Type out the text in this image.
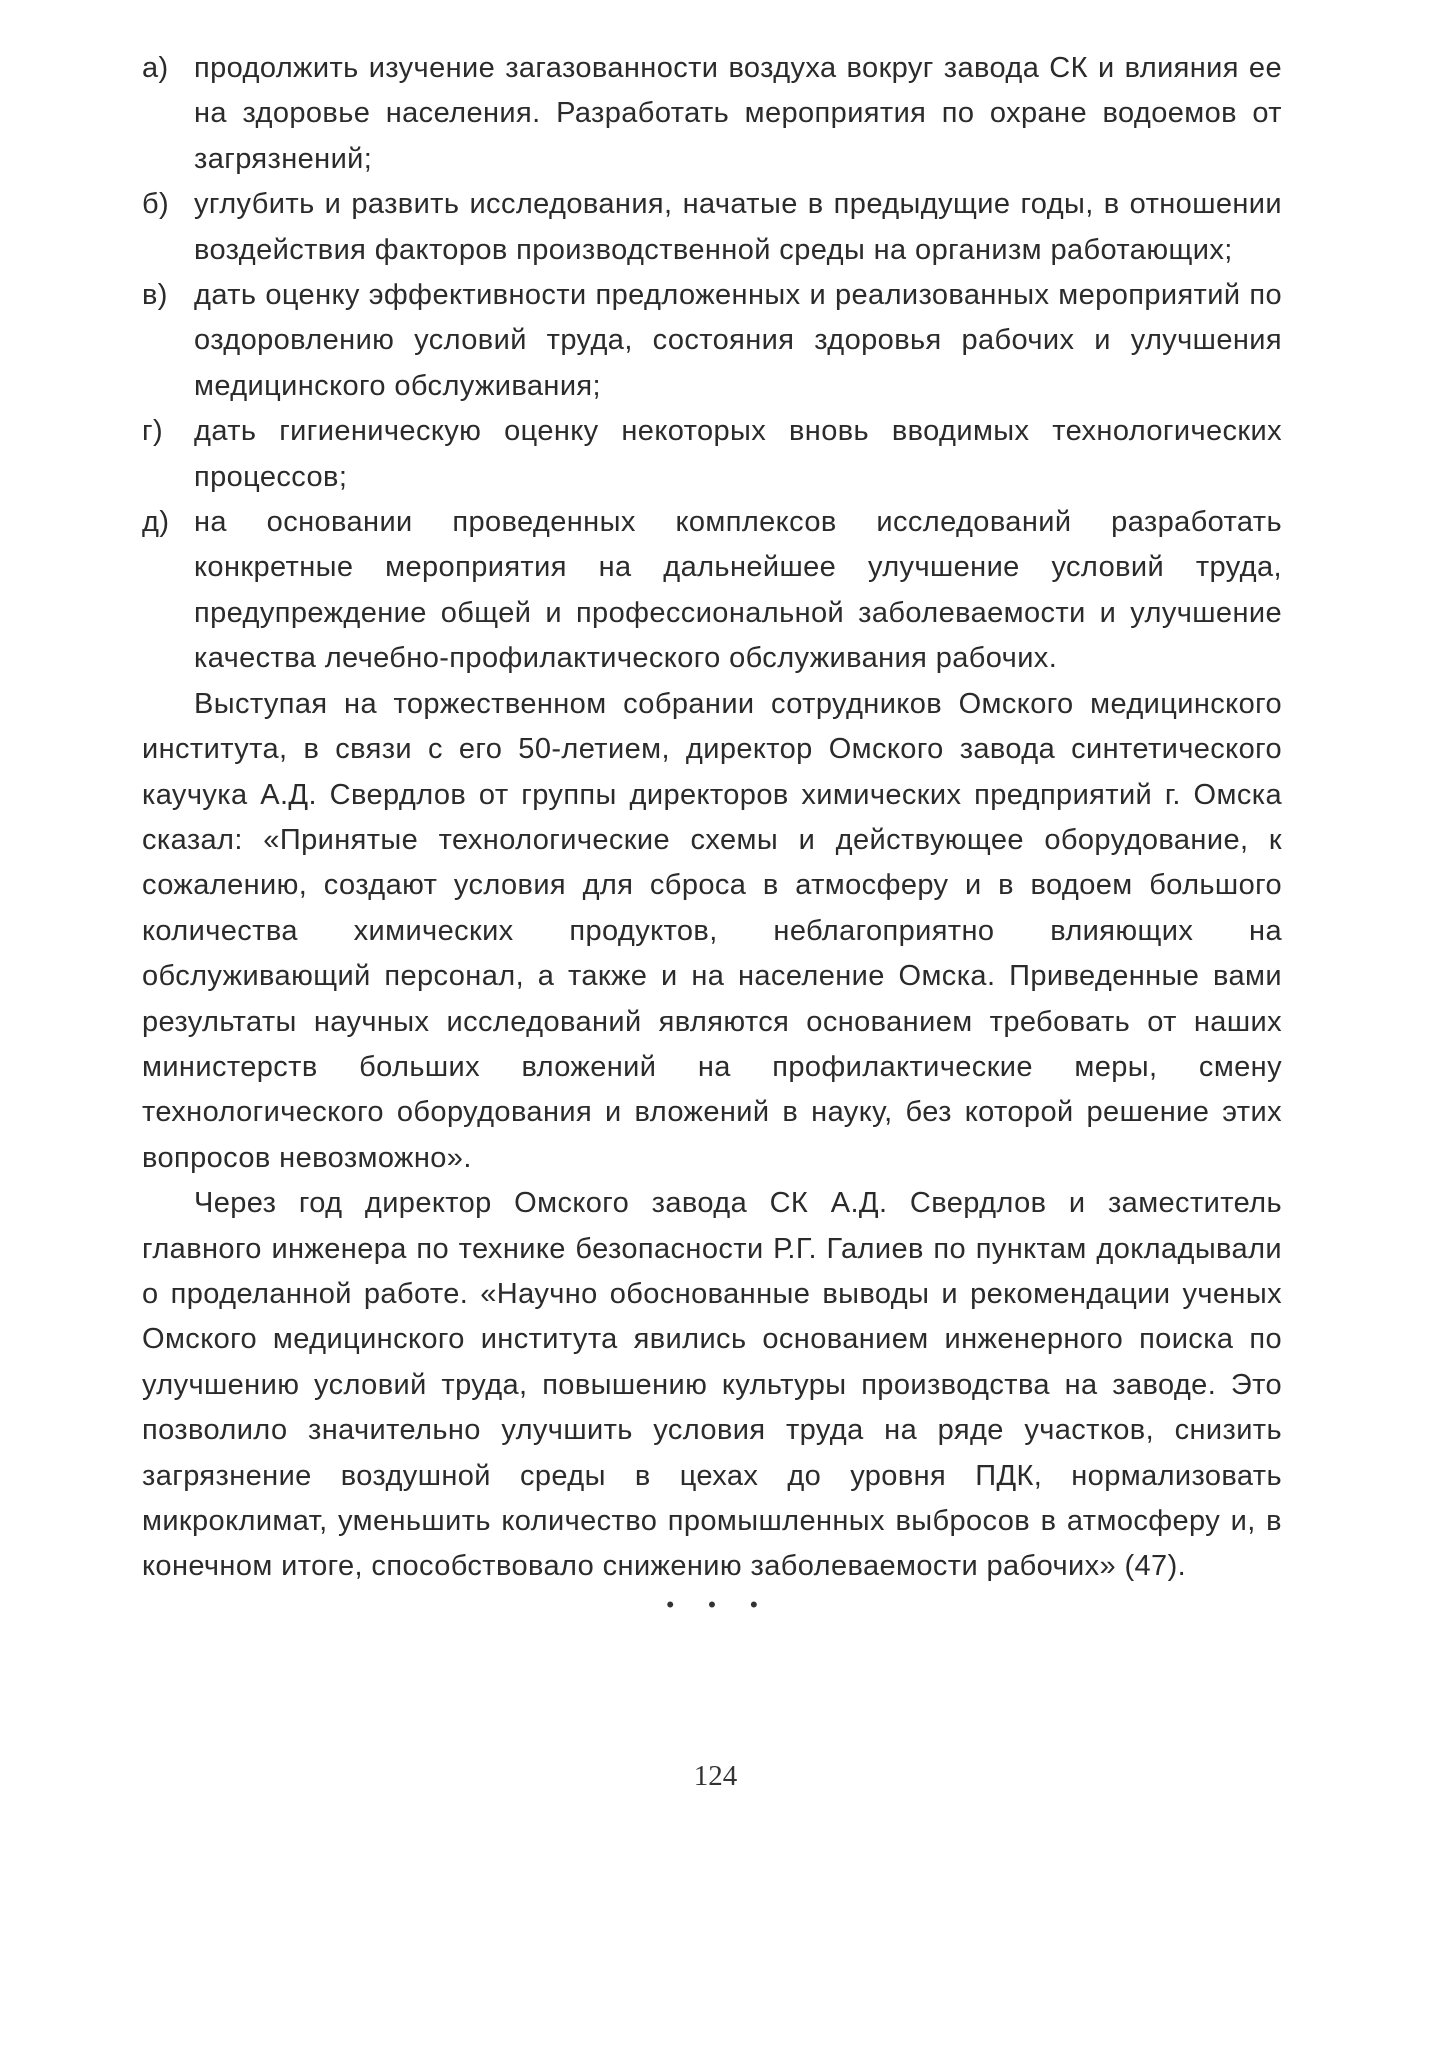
а) продолжить изучение загазованности воздуха вокруг завода СК и влияния ее на здоровье населения. Разработать мероприятия по охране водоемов от загрязнений;
б) углубить и развить исследования, начатые в предыдущие годы, в отношении воздействия факторов производственной среды на организм работающих;
в) дать оценку эффективности предложенных и реализованных мероприятий по оздоровлению условий труда, состояния здоровья рабочих и улучшения медицинского обслуживания;
г)	дать гигиеническую оценку некоторых вновь вводимых технологических процессов;
д) на основании проведенных комплексов исследований разработать конкретные мероприятия на дальнейшее улучшение условий труда, предупреждение общей и профессиональной заболеваемости и улучшение качества лечебно-профилактического обслуживания рабочих.

Выступая на торжественном собрании сотрудников Омского медицинского института, в связи с его 50-летием, директор Омского завода синтетического каучука А.Д. Свердлов от группы директоров химических предприятий г. Омска сказал: «Принятые технологические схемы и действующее оборудование, к сожалению, создают условия для сброса в атмосферу и в водоем большого количества химических продуктов, неблагоприятно влияющих на обслуживающий персонал, а также и на население Омска. Приведенные вами результаты научных исследований являются основанием требовать от наших министерств больших вложений на профилактические меры, смену технологического оборудования и вложений в науку, без которой решение этих вопросов невозможно».

Через год директор Омского завода СК А.Д. Свердлов и заместитель главного инженера по технике безопасности Р.Г. Галиев по пунктам докладывали о проделанной работе. «Научно обоснованные выводы и рекомендации ученых Омского медицинского института явились основанием инженерного поиска по улучшению условий труда, повышению культуры производства на заводе. Это позволило значительно улучшить условия труда на ряде участков, снизить загрязнение воздушной среды в цехах до уровня ПДК, нормализовать микроклимат, уменьшить количество промышленных выбросов в атмосферу и, в конечном итоге, способствовало снижению заболеваемости рабочих» (47).

• • •
124
